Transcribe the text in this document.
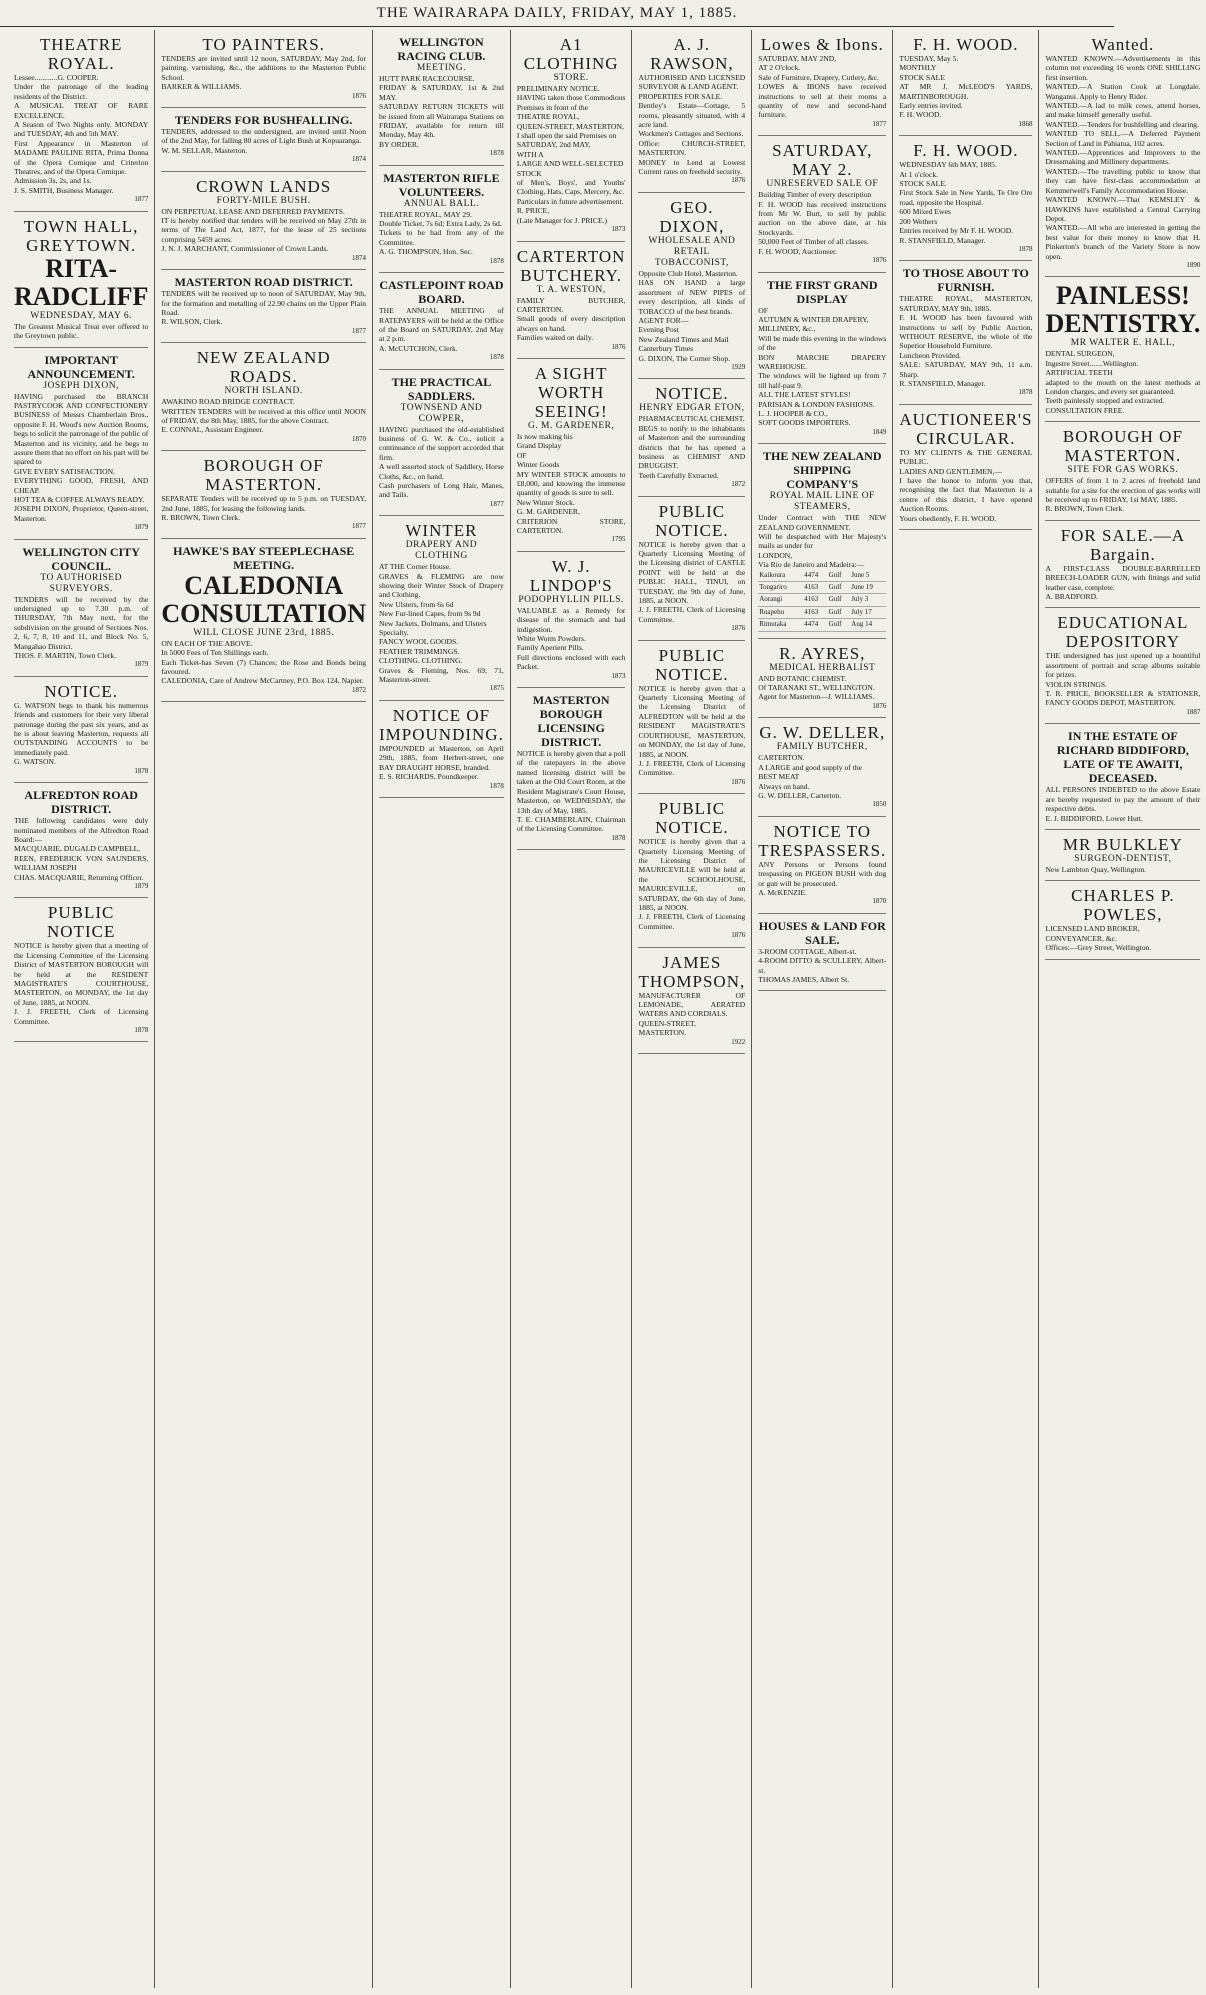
THE WAIRARAPA DAILY, FRIDAY, MAY 1, 1885.
THEATRE ROYAL.
Lessee............G. COOPER.
Under the patronage of the leading residents of the District.
A MUSICAL TREAT OF RARE EXCELLENCE.
A Season of Two Nights only. MONDAY and TUESDAY, 4th and 5th MAY.
First Appearance in Masterton of MADAME PAULINE RITA, Prima Donna of the Opera Comique and Criterion Theatres, and of the Opera Comique.
Admission 3s, 2s, and 1s.
J. S. SMITH, Business Manager.
1877
TOWN HALL, GREYTOWN.
RITA-RADCLIFF
WEDNESDAY, MAY 6.
The Greatest Musical Treat ever offered to the Greytown public.
IMPORTANT ANNOUNCEMENT.
JOSEPH DIXON,
HAVING purchased the BRANCH PASTRYCOOK AND CONFECTIONERY BUSINESS of Messrs Chamberlain Bros., opposite F. H. Wood's new Auction Rooms, begs to solicit the patronage of the public of Masterton and its vicinity, and he begs to assure them that no effort on his part will be spared to
GIVE EVERY SATISFACTION.
EVERYTHING GOOD, FRESH, AND CHEAP.
HOT TEA & COFFEE ALWAYS READY.
JOSEPH DIXON, Proprietor, Queen-street, Masterton.
1879
WELLINGTON CITY COUNCIL.
TO AUTHORISED SURVEYORS.
TENDERS will be received by the undersigned up to 7.30 p.m. of THURSDAY, 7th May next, for the subdivision on the ground of Sections Nos. 2, 6, 7, 8, 10 and 11, and Block No. 5, Mangahao District.
THOS. F. MARTIN, Town Clerk.
1879
NOTICE.
G. WATSON begs to thank his numerous friends and customers for their very liberal patronage during the past six years, and as he is about leaving Masterton, requests all OUTSTANDING ACCOUNTS to be immediately paid.
G. WATSON.
1878
ALFREDTON ROAD DISTRICT.
THE following candidates were duly nominated members of the Alfredton Road Board:—
MACQUARIE, DUGALD CAMPBELL,
REEN, FREDERICK VON SAUNDERS, WILLIAM JOSEPH
CHAS. MACQUARIE, Returning Officer.
1879
PUBLIC NOTICE
NOTICE is hereby given that a meeting of the Licensing Committee of the Licensing District of MASTERTON BOROUGH will be held at the RESIDENT MAGISTRATE'S COURTHOUSE, MASTERTON, on MONDAY, the 1st day of June, 1885, at NOON.
J. J. FREETH, Clerk of Licensing Committee.
1878
TO PAINTERS.
TENDERS are invited until 12 noon, SATURDAY, May 2nd, for painting, varnishing, &c., the additions to the Masterton Public School.
BARKER & WILLIAMS.
1876
TENDERS FOR BUSHFALLING.
TENDERS, addressed to the undersigned, are invited until Noon of the 2nd May, for falling 80 acres of Light Bush at Kopuaranga.
W. M. SELLAR, Masterton.
1874
CROWN LANDS
FORTY-MILE BUSH.
ON PERPETUAL LEASE AND DEFERRED PAYMENTS.
IT is hereby notified that tenders will be received on May 27th in terms of The Land Act, 1877, for the lease of 25 sections comprising 5459 acres.
J. N. J. MARCHANT, Commissioner of Crown Lands.
1874
MASTERTON ROAD DISTRICT.
TENDERS will be received up to noon of SATURDAY, May 9th, for the formation and metalling of 22.90 chains on the Upper Plain Road.
R. WILSON, Clerk.
1877
NEW ZEALAND ROADS.
NORTH ISLAND.
AWAKINO ROAD BRIDGE CONTRACT.
WRITTEN TENDERS will be received at this office until NOON of FRIDAY, the 8th May, 1885, for the above Contract.
E. CONNAL, Assistant Engineer.
1870
BOROUGH OF MASTERTON.
SEPARATE Tenders will be received up to 5 p.m. on TUESDAY, 2nd June, 1885, for leasing the following lands.
R. BROWN, Town Clerk.
1877
HAWKE'S BAY STEEPLECHASE MEETING.
CALEDONIA CONSULTATION
WILL CLOSE JUNE 23rd, 1885.
ON EACH OF THE ABOVE.
In 5000 Fees of Ten Shillings each.
Each Ticket-has Seven (7) Chances; the Rose and Bonds being favoured.
CALEDONIA, Care of Andrew McCartney, P.O. Box 124, Napier.
1872
WELLINGTON RACING CLUB.
MEETING.
HUTT PARK RACECOURSE.
FRIDAY & SATURDAY, 1st & 2nd MAY.
SATURDAY RETURN TICKETS will be issued from all Wairarapa Stations on FRIDAY, available for return till Monday, May 4th.
BY ORDER.
1878
MASTERTON RIFLE VOLUNTEERS.
ANNUAL BALL.
THEATRE ROYAL, MAY 29.
Double Ticket, 7s 6d; Extra Lady, 2s 6d.
Tickets to be had from any of the Committee.
A. G. THOMPSON, Hon. Sec.
1878
CASTLEPOINT ROAD BOARD.
THE ANNUAL MEETING of RATEPAYERS will be held at the Office of the Board on SATURDAY, 2nd May at 2 p.m.
A. McCUTCHON, Clerk.
1878
THE PRACTICAL SADDLERS.
TOWNSEND AND COWPER,
HAVING purchased the old-established business of G. W. & Co., solicit a continuance of the support accorded that firm.
A well assorted stock of Saddlery, Horse Cloths, &c., on hand.
Cash purchasers of Long Hair, Manes, and Tails.
1877
WINTER
DRAPERY AND CLOTHING
AT THE Corner House.
GRAVES & FLEMING are now showing their Winter Stock of Drapery and Clothing.
New Ulsters, from 6s 6d
New Fur-lined Capes, from 9s 9d
New Jackets, Dolmans, and Ulsters
Specialty.
FANCY WOOL GOODS.
FEATHER TRIMMINGS.
CLOTHING. CLOTHING.
Graves & Fleming, Nos. 69, 71, Masterton-street.
1875
NOTICE OF IMPOUNDING.
IMPOUNDED at Masterton, on April 29th, 1885, from Herbert-street, one BAY DRAUGHT HORSE, branded.
E. S. RICHARDS, Poundkeeper.
1878
A1 CLOTHING
STORE.
PRELIMINARY NOTICE.
HAVING taken those Commodious Premises in front of the
THEATRE ROYAL,
QUEEN-STREET, MASTERTON,
I shall open the said Premises on
SATURDAY, 2nd MAY,
WITH A
LARGE AND WELL-SELECTED
STOCK
of Men's, Boys', and Youths' Clothing, Hats, Caps, Mercery, &c.
Particulars in future advertisement.
R. PRICE,
(Late Manager for J. PRICE.)
1873
CARTERTON BUTCHERY.
T. A. WESTON,
FAMILY BUTCHER, CARTERTON.
Small goods of every description always on hand.
Families waited on daily.
1876
A SIGHT WORTH SEEING!
G. M. GARDENER,
Is now making his
Grand Display
OF
Winter Goods
MY WINTER STOCK amounts to £8,000, and knowing the immense quantity of goods is sure to sell.
New Winter Stock.
G. M. GARDENER,
CRITERION STORE, CARTERTON.
1795
W. J. LINDOP'S
PODOPHYLLIN PILLS.
VALUABLE as a Remedy for disease of the stomach and bad indigestion.
White Worm Powders.
Family Aperient Pills.
Full directions enclosed with each Packet.
1873
MASTERTON BOROUGH LICENSING DISTRICT.
NOTICE is hereby given that a poll of the ratepayers in the above named licensing district will be taken at the Old Court Room, at the Resident Magistrate's Court House, Masterton, on WEDNESDAY, the 13th day of May, 1885.
T. E. CHAMBERLAIN, Chairman of the Licensing Committee.
1878
A. J. RAWSON,
AUTHORISED AND LICENSED SURVEYOR & LAND AGENT.
PROPERTIES FOR SALE.
Bentley's Estate—Cottage, 5 rooms, pleasantly situated, with 4 acre land.
Workmen's Cottages and Sections.
Office: CHURCH-STREET, MASTERTON.
MONEY to Lend at Lowest Current rates on freehold security.
1876
GEO. DIXON,
WHOLESALE AND RETAIL TOBACCONIST,
Opposite Club Hotel, Masterton.
HAS ON HAND a large assortment of NEW PIPES of every description, all kinds of TOBACCO of the best brands.
AGENT FOR—
Evening Post
New Zealand Times and Mail
Canterbury Times
G. DIXON, The Corner Shop.
1929
NOTICE.
HENRY EDGAR ETON,
PHARMACEUTICAL CHEMIST,
BEGS to notify to the inhabitants of Masterton and the surrounding districts that he has opened a business as CHEMIST AND DRUGGIST.
Teeth Carefully Extracted.
1872
PUBLIC NOTICE.
NOTICE is hereby given that a Quarterly Licensing Meeting of the Licensing district of CASTLE POINT will be held at the PUBLIC HALL, TINUI, on TUESDAY, the 9th day of June, 1885, at NOON.
J. J. FREETH, Clerk of Licensing Committee.
1876
PUBLIC NOTICE.
NOTICE is hereby given that a Quarterly Licensing Meeting of the Licensing District of ALFREDTON will be held at the RESIDENT MAGISTRATE'S COURTHOUSE, MASTERTON, on MONDAY, the 1st day of June, 1885, at NOON.
J. J. FREETH, Clerk of Licensing Committee.
1876
PUBLIC NOTICE.
NOTICE is hereby given that a Quarterly Licensing Meeting of the Licensing District of MAURICEVILLE will be held at the SCHOOLHOUSE, MAURICEVILLE, on SATURDAY, the 6th day of June, 1885, at NOON.
J. J. FREETH, Clerk of Licensing Committee.
1876
JAMES THOMPSON,
MANUFACTURER OF LEMONADE, AERATED WATERS AND CORDIALS.
QUEEN-STREET, MASTERTON.
1922
Lowes & Ibons.
SATURDAY, MAY 2ND,
AT 2 O'clock.
Sale of Furniture, Drapery, Cutlery, &c.
LOWES & IBONS have received instructions to sell at their rooms a quantity of new and second-hand furniture.
1877
SATURDAY, MAY 2.
UNRESERVED SALE OF
Building Timber of every description
F. H. WOOD has received instructions from Mr W. Burt, to sell by public auction on the above date, at his Stockyards.
50,000 Feet of Timber of all classes.
F. H. WOOD, Auctioneer.
1876
THE FIRST GRAND DISPLAY
OF
AUTUMN & WINTER DRAPERY,
MILLINERY, &c.,
Will be made this evening in the windows of the
BON MARCHE DRAPERY WAREHOUSE.
The windows will be lighted up from 7 till half-past 9.
ALL THE LATEST STYLES!
PARISIAN & LONDON FASHIONS.
L. J. HOOPER & CO.,
SOFT GOODS IMPORTERS.
1849
THE NEW ZEALAND SHIPPING COMPANY'S
ROYAL MAIL LINE OF STEAMERS,
Under Contract with THE NEW ZEALAND GOVERNMENT.
Will be despatched with Her Majesty's mails as under for
LONDON,
Via Rio de Janeiro and Madeira:—
Kaikoura	4474	Gulf	June 5
Tongariro	4163	Gulf	June 19
Aorangi	4163	Gulf	July 3
Ruapehu	4163	Gulf	July 17
Rimutaka	4474	Gulf	Aug 14
R. AYRES,
MEDICAL HERBALIST
AND BOTANIC CHEMIST.
Of TARANAKI ST., WELLINGTON.
Agent for Masterton—J. WILLIAMS.
1876
G. W. DELLER,
FAMILY BUTCHER,
CARTERTON.
A LARGE and good supply of the
BEST MEAT
Always on hand.
G. W. DELLER, Carterton.
1850
NOTICE TO TRESPASSERS.
ANY Persons or Persons found trespassing on PIGEON BUSH with dog or gun will be prosecuted.
A. McKENZIE.
1870
HOUSES & LAND FOR SALE.
3-ROOM COTTAGE, Albert-st.
4-ROOM DITTO & SCULLERY, Albert-st.
THOMAS JAMES, Albert St.
F. H. WOOD.
TUESDAY, May 5.
MONTHLY
STOCK SALE
AT MR J. McLEOD'S YARDS, MARTINBOROUGH.
Early entries invited.
F. H. WOOD.
1868
F. H. WOOD.
WEDNESDAY 6th MAY, 1885.
At 1 o'clock.
STOCK SALE.
First Stock Sale in New Yards, Te Ore Ore road, opposite the Hospital.
600 Mixed Ewes
200 Wethers
Entries received by Mr F. H. WOOD.
R. STANSFIELD, Manager.
1878
TO THOSE ABOUT TO FURNISH.
THEATRE ROYAL, MASTERTON, SATURDAY, MAY 9th, 1885.
F. H. WOOD has been favoured with instructions to sell by Public Auction, WITHOUT RESERVE, the whole of the Superior Household Furniture.
Luncheon Provided.
SALE: SATURDAY, MAY 9th, 11 a.m. Sharp.
R. STANSFIELD, Manager.
1878
AUCTIONEER'S CIRCULAR.
TO MY CLIENTS & THE GENERAL PUBLIC.
LADIES AND GENTLEMEN,—
I have the honor to inform you that, recognising the fact that Masterton is a centre of this district, I have opened Auction Rooms.
Yours obediently, F. H. WOOD.
Wanted.
WANTED KNOWN.—Advertisements in this column not exceeding 16 words ONE SHILLING first insertion.
WANTED.—A Station Cook at Longdale. Wanganui. Apply to Henry Rider.
WANTED.—A lad to milk cows, attend horses, and make himself generally useful.
WANTED.—Tenders for bushfelling and clearing.
WANTED TO SELL.—A Deferred Payment Section of Land in Pahiatua, 102 acres.
WANTED.—Apprentices and Improvers to the Dressmaking and Millinery departments.
WANTED.—The travelling public to know that they can have first-class accommodation at Kemmerwell's Family Accommodation House.
WANTED KNOWN.—That KEMSLEY & HAWKINS have established a Central Carrying Depot.
WANTED.—All who are interested in getting the best value for their money to know that H. Pinkerton's branch of the Variety Store is now open.
1890
PAINLESS! DENTISTRY.
MR WALTER E. HALL,
DENTAL SURGEON,
Ingestre Street.......Wellington.
ARTIFICIAL TEETH
adapted to the mouth on the latest methods at London charges, and every set guaranteed.
Teeth painlessly stopped and extracted.
CONSULTATION FREE.
BOROUGH OF MASTERTON.
SITE FOR GAS WORKS.
OFFERS of from 1 to 2 acres of freehold land suitable for a site for the erection of gas works will be received up to FRIDAY, 1st MAY, 1885.
R. BROWN, Town Clerk.
FOR SALE.—A Bargain.
A FIRST-CLASS DOUBLE-BARRELLED BREECH-LOADER GUN, with fittings and solid leather case, complete.
A. BRADFORD.
EDUCATIONAL DEPOSITORY
THE undersigned has just opened up a bountiful assortment of portrait and scrap albums suitable for prizes.
VIOLIN STRINGS.
T. R. PRICE, BOOKSELLER & STATIONER, FANCY GOODS DEPOT, MASTERTON.
1887
IN THE ESTATE OF RICHARD BIDDIFORD, LATE OF TE AWAITI, DECEASED.
ALL PERSONS INDEBTED to the above Estate are hereby requested to pay the amount of their respective debts.
E. J. BIDDIFORD, Lower Hutt.
MR BULKLEY
SURGEON-DENTIST,
New Lambton Quay, Wellington.
CHARLES P. POWLES,
LICENSED LAND BROKER,
CONVEYANCER, &c.
Offices:—Grey Street, Wellington.
